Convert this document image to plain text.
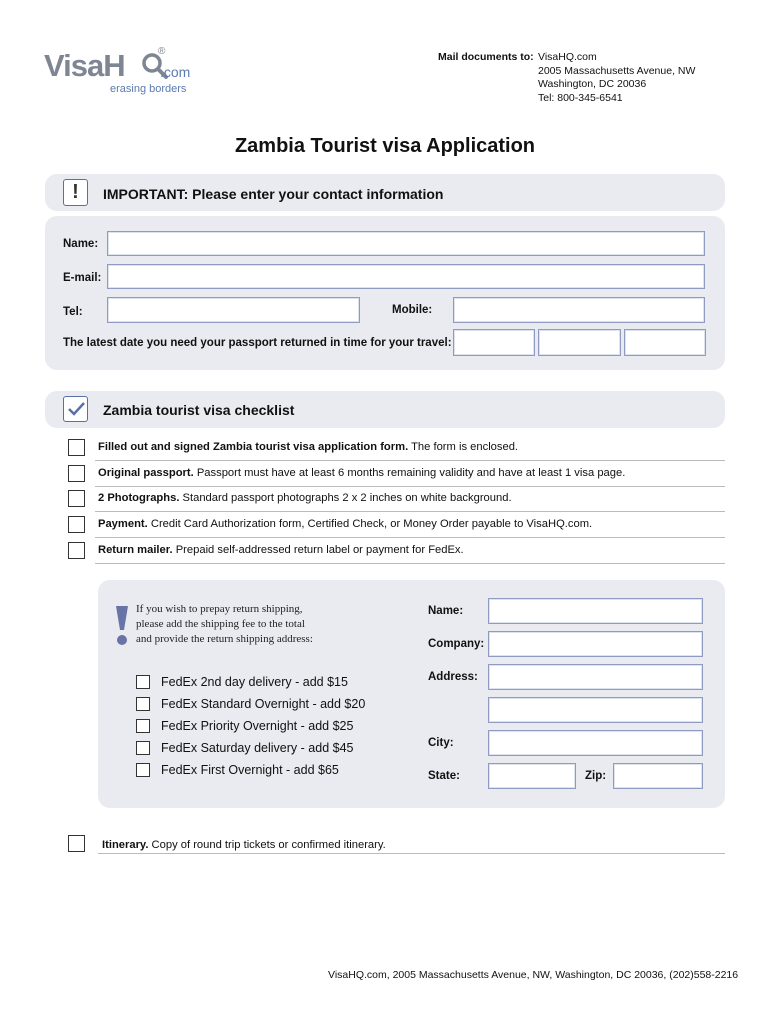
VisaH	®
.com
erasing borders
Mail documents to: VisaHQ.com
2005 Massachusetts Avenue, NW
Washington, DC 20036
Tel: 800-345-6541
Zambia Tourist visa Application
!	IMPORTANT: Please enter your contact information
Name:
E-mail:
Tel:	Mobile:
The latest date you need your passport returned in time for your travel:
Zambia tourist visa checklist
Filled out and signed Zambia tourist visa application form. The form is enclosed.
Original passport. Passport must have at least 6 months remaining validity and have at least 1 visa page.
2 Photographs. Standard passport photographs 2 x 2 inches on white background.
Payment. Credit Card Authorization form, Certified Check, or Money Order payable to VisaHQ.com.
Return mailer. Prepaid self-addressed return label or payment for FedEx.
If you wish to prepay return shipping,
please add the shipping fee to the total
and provide the return shipping address:
FedEx 2nd day delivery - add $15
FedEx Standard Overnight - add $20
FedEx Priority Overnight - add $25
FedEx Saturday delivery - add $45
FedEx First Overnight - add $65
Name:
Company:
Address:
City:
State:	Zip:
Itinerary. Copy of round trip tickets or confirmed itinerary.
VisaHQ.com, 2005 Massachusetts Avenue, NW, Washington, DC 20036, (202)558-2216
